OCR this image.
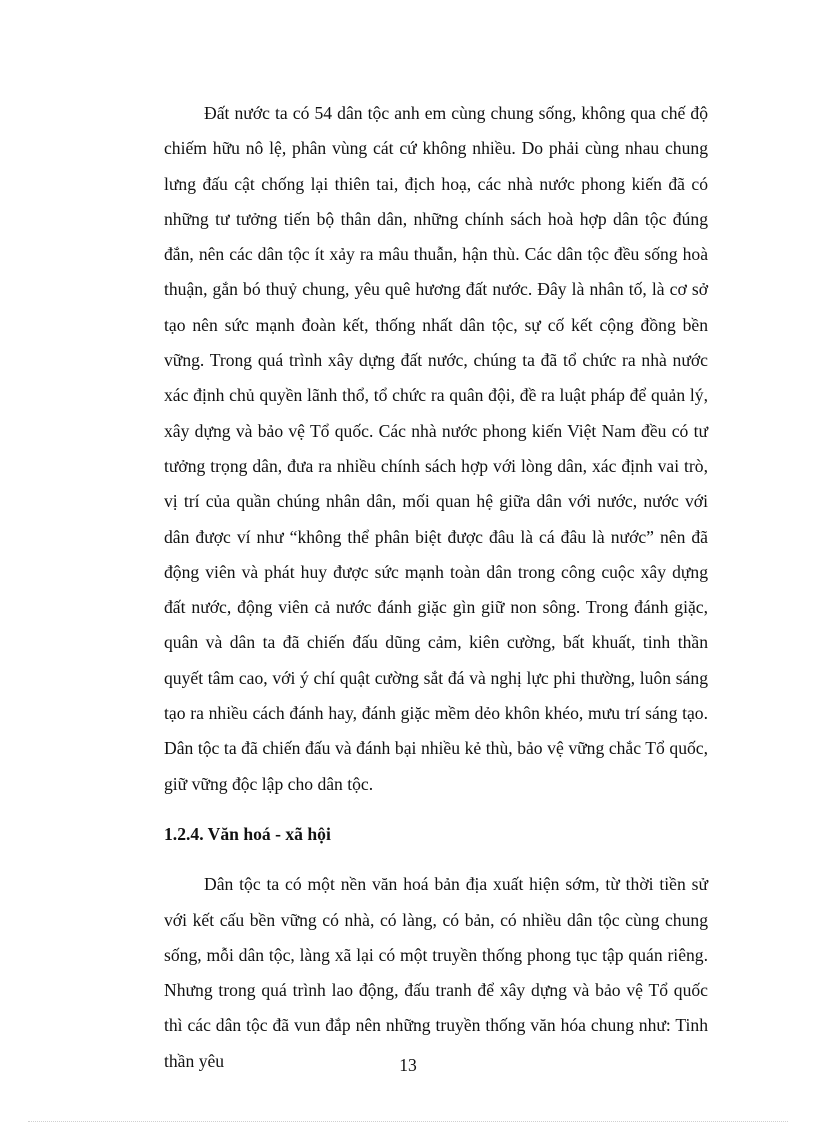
Đất nước ta có 54 dân tộc anh em cùng chung sống, không qua chế độ chiếm hữu nô lệ, phân vùng cát cứ không nhiều. Do phải cùng nhau chung lưng đấu cật chống lại thiên tai, địch hoạ, các nhà nước phong kiến đã có những tư tưởng tiến bộ thân dân, những chính sách hoà hợp dân tộc đúng đắn, nên các dân tộc ít xảy ra mâu thuẫn, hận thù. Các dân tộc đều sống hoà thuận, gắn bó thuỷ chung, yêu quê hương đất nước. Đây là nhân tố, là cơ sở tạo nên sức mạnh đoàn kết, thống nhất dân tộc, sự cố kết cộng đồng bền vững. Trong quá trình xây dựng đất nước, chúng ta đã tổ chức ra nhà nước xác định chủ quyền lãnh thổ, tổ chức ra quân đội, đề ra luật pháp để quản lý, xây dựng và bảo vệ Tổ quốc. Các nhà nước phong kiến Việt Nam đều có tư tưởng trọng dân, đưa ra nhiều chính sách hợp với lòng dân, xác định vai trò, vị trí của quần chúng nhân dân, mối quan hệ giữa dân với nước, nước với dân được ví như “không thể phân biệt được đâu là cá đâu là nước” nên đã động viên và phát huy được sức mạnh toàn dân trong công cuộc xây dựng đất nước, động viên cả nước đánh giặc gìn giữ non sông. Trong đánh giặc, quân và dân ta đã chiến đấu dũng cảm, kiên cường, bất khuất, tinh thần quyết tâm cao, với ý chí quật cường sắt đá và nghị lực phi thường, luôn sáng tạo ra nhiều cách đánh hay, đánh giặc mềm dẻo khôn khéo, mưu trí sáng tạo. Dân tộc ta đã chiến đấu và đánh bại nhiều kẻ thù, bảo vệ vững chắc Tổ quốc, giữ vững độc lập cho dân tộc.

1.2.4. Văn hoá - xã hội

Dân tộc ta có một nền văn hoá bản địa xuất hiện sớm, từ thời tiền sử với kết cấu bền vững có nhà, có làng, có bản, có nhiều dân tộc cùng chung sống, mỗi dân tộc, làng xã lại có một truyền thống phong tục tập quán riêng. Nhưng trong quá trình lao động, đấu tranh để xây dựng và bảo vệ Tổ quốc thì các dân tộc đã vun đắp nên những truyền thống văn hóa chung như: Tinh thần yêu	13
